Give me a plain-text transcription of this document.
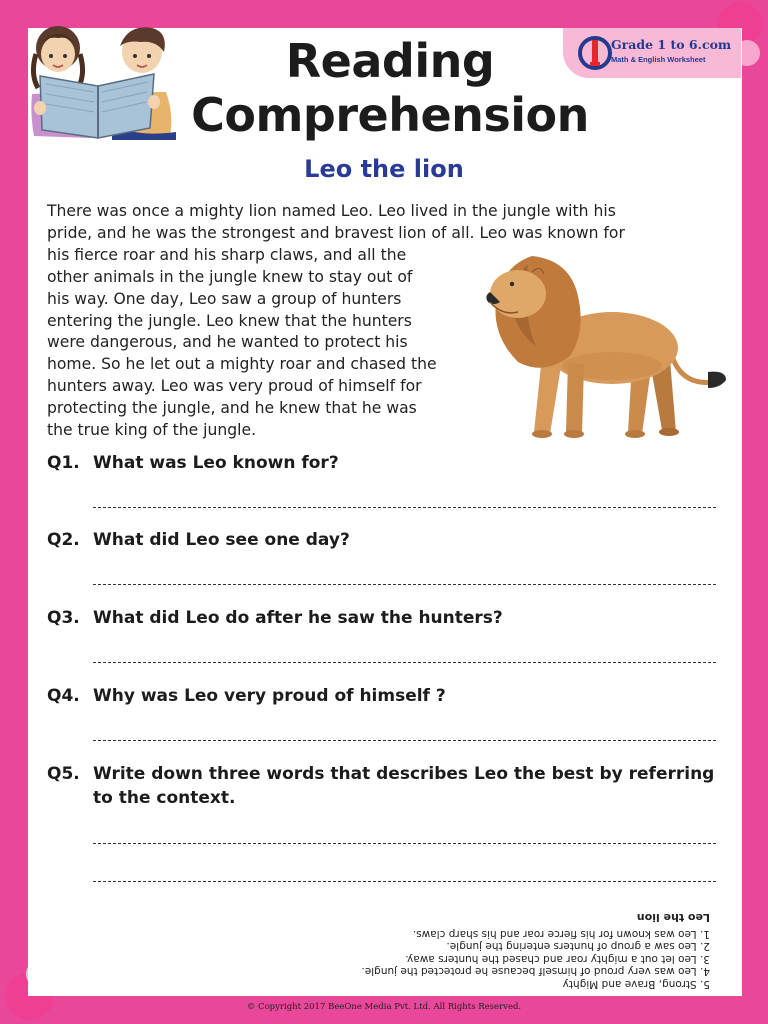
Grade 1 to 6.com
Math & English Worksheet
Reading
Comprehension
Leo the lion
There was once a mighty lion named Leo. Leo lived in the jungle with his
pride, and he was the strongest and bravest lion of all. Leo was known for
his fierce roar and his sharp claws, and all the
other animals in the jungle knew to stay out of
his way. One day, Leo saw a group of hunters
entering the jungle. Leo knew that the hunters
were dangerous, and he wanted to protect his
home. So he let out a mighty roar and chased the
hunters away. Leo was very proud of himself for
protecting the jungle, and he knew that he was
the true king of the jungle.
Q1. What was Leo known for?
Q2. What did Leo see one day?
Q3. What did Leo do after he saw the hunters?
Q4. Why was Leo very proud of himself ?
Q5. Write down three words that describes Leo the best by referring to the context.
5. Strong, Brave and Mighty
4. Leo was very proud of himself because he protected the jungle.
3. Leo let out a mighty roar and chased the hunters away.
2. Leo saw a group of hunters entering the jungle.
1. Leo was known for his fierce roar and his sharp claws.
Leo the lion
© Copyright 2017 BeeOne Media Pvt. Ltd. All Rights Reserved.
